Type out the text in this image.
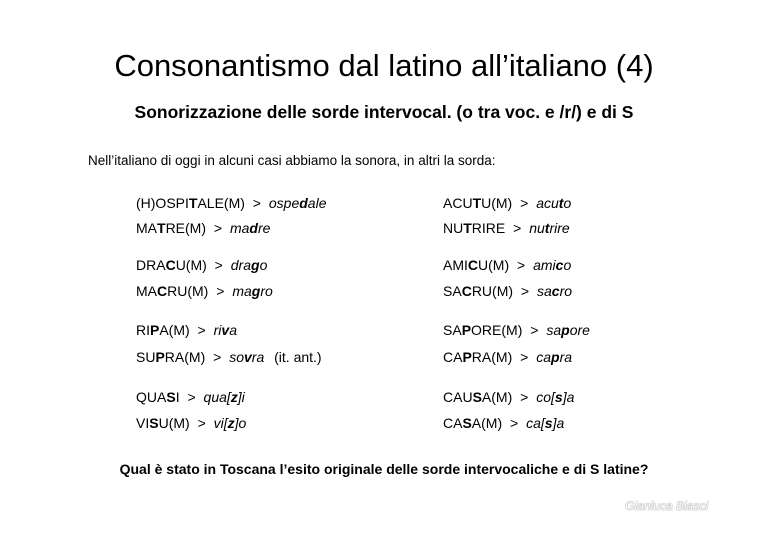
Consonantismo dal latino all’italiano (4)
Sonorizzazione delle sorde intervocal. (o tra voc. e /r/) e di S
Nell’italiano di oggi in alcuni casi abbiamo la sonora, in altri la sorda:
(H)OSPITALE(M) > ospedale
MATRE(M) > madre
DRACU(M) > drago
MACRU(M) > magro
RIPA(M) > riva
SUPRA(M) > sovra (it. ant.)
QUASI > qua[z]i
VISU(M) > vi[z]o
ACUTU(M) > acuto
NUTRIRE > nutrire
AMICU(M) > amico
SACRU(M) > sacro
SAPORE(M) > sapore
CAPRA(M) > capra
CAUSA(M) > co[s]a
CASA(M) > ca[s]a
Qual è stato in Toscana l’esito originale delle sorde intervocaliche e di S latine?
Gianluca Biasci
